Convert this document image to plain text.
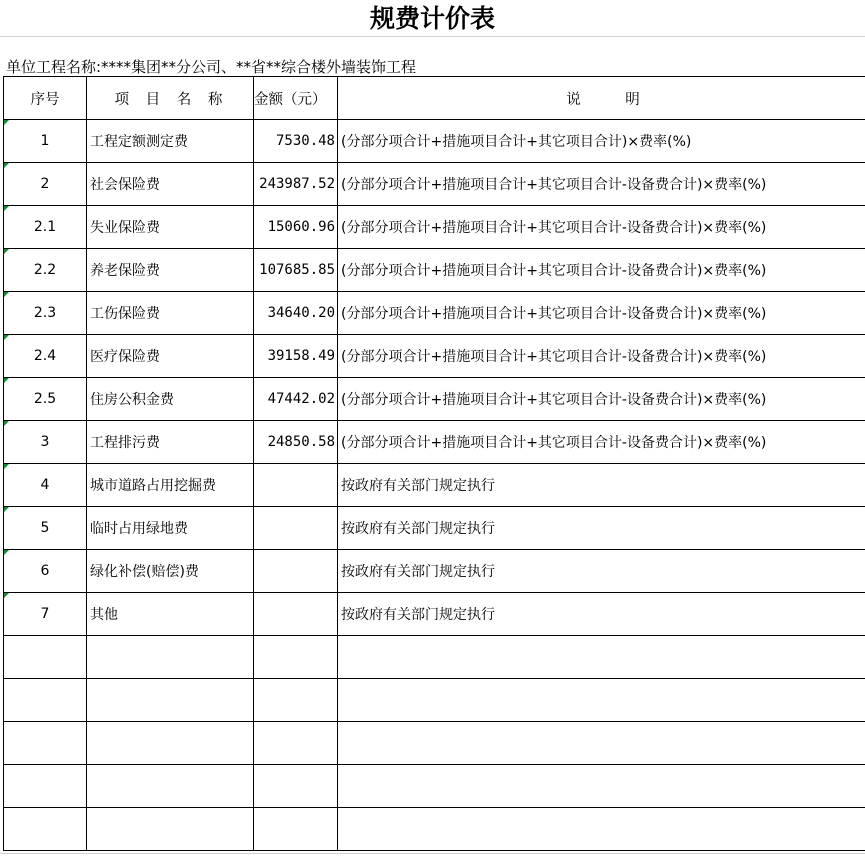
规费计价表
单位工程名称:****集团**分公司、**省**综合楼外墙装饰工程
序号	项 目 名 称	金额（元）	说 明

1	工程定额测定费	7530.48	(分部分项合计+措施项目合计+其它项目合计)×费率(%)

2	社会保险费	243987.52	(分部分项合计+措施项目合计+其它项目合计-设备费合计)×费率(%)

2.1	失业保险费	15060.96	(分部分项合计+措施项目合计+其它项目合计-设备费合计)×费率(%)

2.2	养老保险费	107685.85	(分部分项合计+措施项目合计+其它项目合计-设备费合计)×费率(%)

2.3	工伤保险费	34640.20	(分部分项合计+措施项目合计+其它项目合计-设备费合计)×费率(%)

2.4	医疗保险费	39158.49	(分部分项合计+措施项目合计+其它项目合计-设备费合计)×费率(%)

2.5	住房公积金费	47442.02	(分部分项合计+措施项目合计+其它项目合计-设备费合计)×费率(%)

3	工程排污费	24850.58	(分部分项合计+措施项目合计+其它项目合计-设备费合计)×费率(%)

4	城市道路占用挖掘费		按政府有关部门规定执行

5	临时占用绿地费		按政府有关部门规定执行

6	绿化补偿(赔偿)费		按政府有关部门规定执行

7	其他		按政府有关部门规定执行
